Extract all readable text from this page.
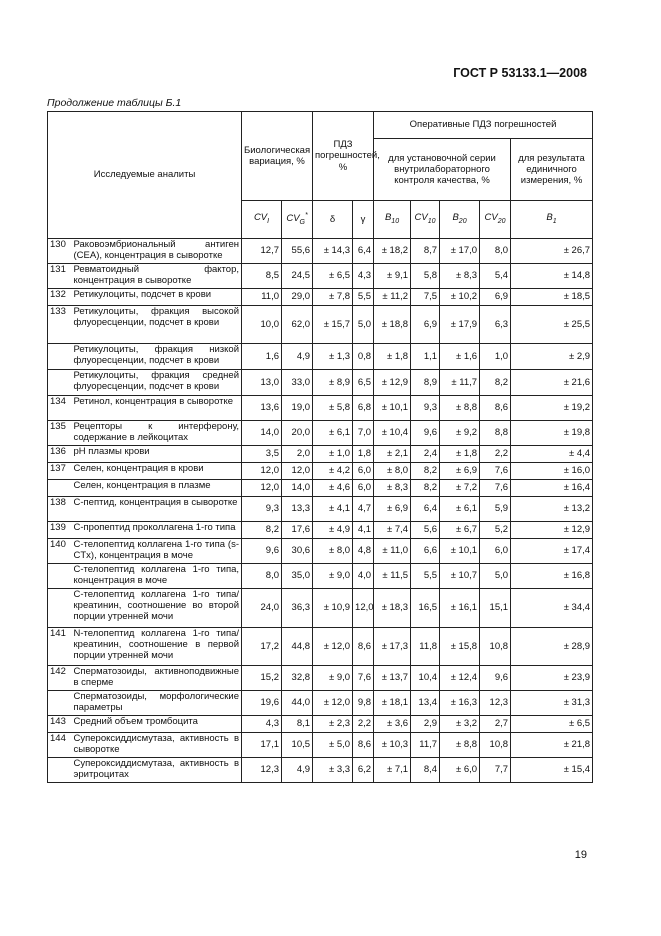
ГОСТ Р 53133.1—2008
Продолжение таблицы Б.1
Исследуемые аналиты		Биологическая вариация, %		ПДЗ погрешностей, %		Оперативные ПДЗ погрешностей				
						для установочной серии внутрилабораторного контроля качества, %				для результата единичного измерения, %
		$CV_I$	$CV_G^*$	δ	γ	$B_{10}$	$CV_{10}$	$B_{20}$	$CV_{20}$	$B_1$
130	Раковоэмбриональный антиген (СЕА), концентрация в сыворотке	12,7	55,6	± 14,3	6,4	± 18,2	8,7	± 17,0	8,0	± 26,7
131	Ревматоидный фактор, концентрация в сыворотке	8,5	24,5	± 6,5	4,3	± 9,1	5,8	± 8,3	5,4	± 14,8
132	Ретикулоциты, подсчет в крови	11,0	29,0	± 7,8	5,5	± 11,2	7,5	± 10,2	6,9	± 18,5
133	Ретикулоциты, фракция высокой флуоресценции, подсчет в крови	10,0	62,0	± 15,7	5,0	± 18,8	6,9	± 17,9	6,3	± 25,5
	Ретикулоциты, фракция низкой флуоресценции, подсчет в крови	1,6	4,9	± 1,3	0,8	± 1,8	1,1	± 1,6	1,0	± 2,9
	Ретикулоциты, фракция средней флуоресценции, подсчет в крови	13,0	33,0	± 8,9	6,5	± 12,9	8,9	± 11,7	8,2	± 21,6
134	Ретинол, концентрация в сыворотке	13,6	19,0	± 5,8	6,8	± 10,1	9,3	± 8,8	8,6	± 19,2
135	Рецепторы к интерферону, содержание в лейкоцитах	14,0	20,0	± 6,1	7,0	± 10,4	9,6	± 9,2	8,8	± 19,8
136	рН плазмы крови	3,5	2,0	± 1,0	1,8	± 2,1	2,4	± 1,8	2,2	± 4,4
137	Селен, концентрация в крови	12,0	12,0	± 4,2	6,0	± 8,0	8,2	± 6,9	7,6	± 16,0
	Селен, концентрация в плазме	12,0	14,0	± 4,6	6,0	± 8,3	8,2	± 7,2	7,6	± 16,4
138	С-пептид, концентрация в сыворотке	9,3	13,3	± 4,1	4,7	± 6,9	6,4	± 6,1	5,9	± 13,2
139	С-пропептид проколлагена 1-го типа	8,2	17,6	± 4,9	4,1	± 7,4	5,6	± 6,7	5,2	± 12,9
140	С-телопептид коллагена 1-го типа (s-CTx), концентрация в моче	9,6	30,6	± 8,0	4,8	± 11,0	6,6	± 10,1	6,0	± 17,4
	С-телопептид коллагена 1-го типа, концентрация в моче	8,0	35,0	± 9,0	4,0	± 11,5	5,5	± 10,7	5,0	± 16,8
	С-телопептид коллагена 1-го типа/креатинин, соотношение во второй порции утренней мочи	24,0	36,3	± 10,9	12,0	± 18,3	16,5	± 16,1	15,1	± 34,4
141	N-телопептид коллагена 1-го типа/креатинин, соотношение в первой порции утренней мочи	17,2	44,8	± 12,0	8,6	± 17,3	11,8	± 15,8	10,8	± 28,9
142	Сперматозоиды, активноподвижные в сперме	15,2	32,8	± 9,0	7,6	± 13,7	10,4	± 12,4	9,6	± 23,9
	Сперматозоиды, морфологические параметры	19,6	44,0	± 12,0	9,8	± 18,1	13,4	± 16,3	12,3	± 31,3
143	Средний объем тромбоцита	4,3	8,1	± 2,3	2,2	± 3,6	2,9	± 3,2	2,7	± 6,5
144	Супероксиддисмутаза, активность в сыворотке	17,1	10,5	± 5,0	8,6	± 10,3	11,7	± 8,8	10,8	± 21,8
	Супероксиддисмутаза, активность в эритроцитах	12,3	4,9	± 3,3	6,2	± 7,1	8,4	± 6,0	7,7	± 15,4
19
